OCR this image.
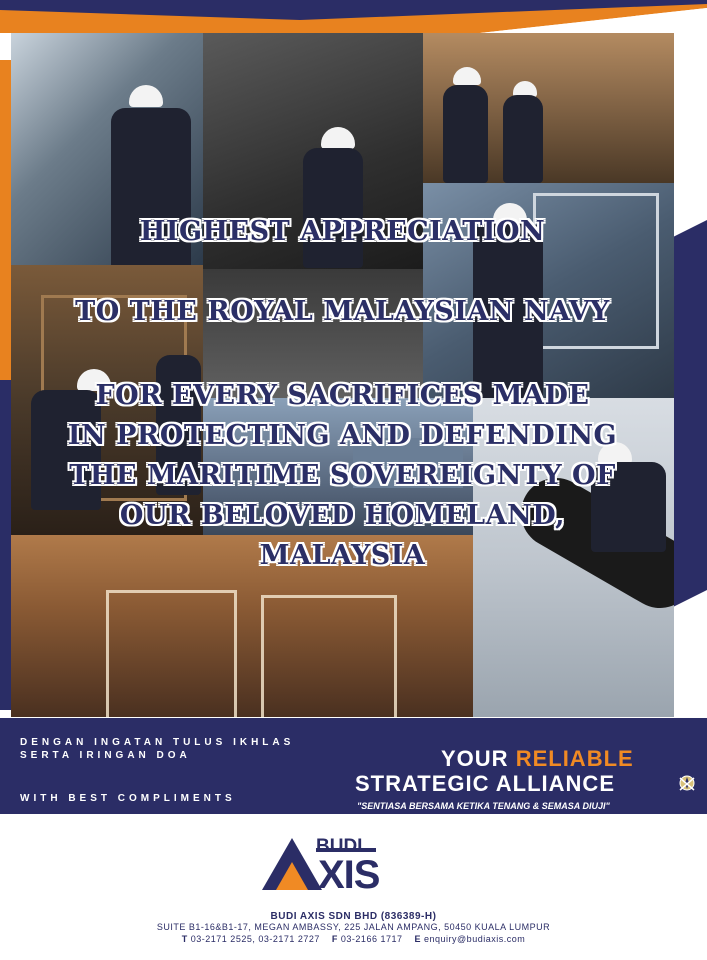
HIGHEST APPRECIATION
TO THE ROYAL MALAYSIAN NAVY
FOR EVERY SACRIFICES MADE
IN PROTECTING AND DEFENDING
THE MARITIME SOVEREIGNTY OF
OUR BELOVED HOMELAND,
MALAYSIA
DENGAN INGATAN TULUS IKHLAS
SERTA IRINGAN DOA
WITH BEST COMPLIMENTS
YOUR RELIABLE
STRATEGIC ALLIANCE
"SENTIASA BERSAMA KETIKA TENANG & SEMASA DIUJI"
BUDI
XIS
BUDI AXIS SDN BHD (836389-H)
SUITE B1-16&B1-17, MEGAN AMBASSY, 225 JALAN AMPANG, 50450 KUALA LUMPUR
T 03-2171 2525, 03-2171 2727 F 03-2166 1717 E enquiry@budiaxis.com
